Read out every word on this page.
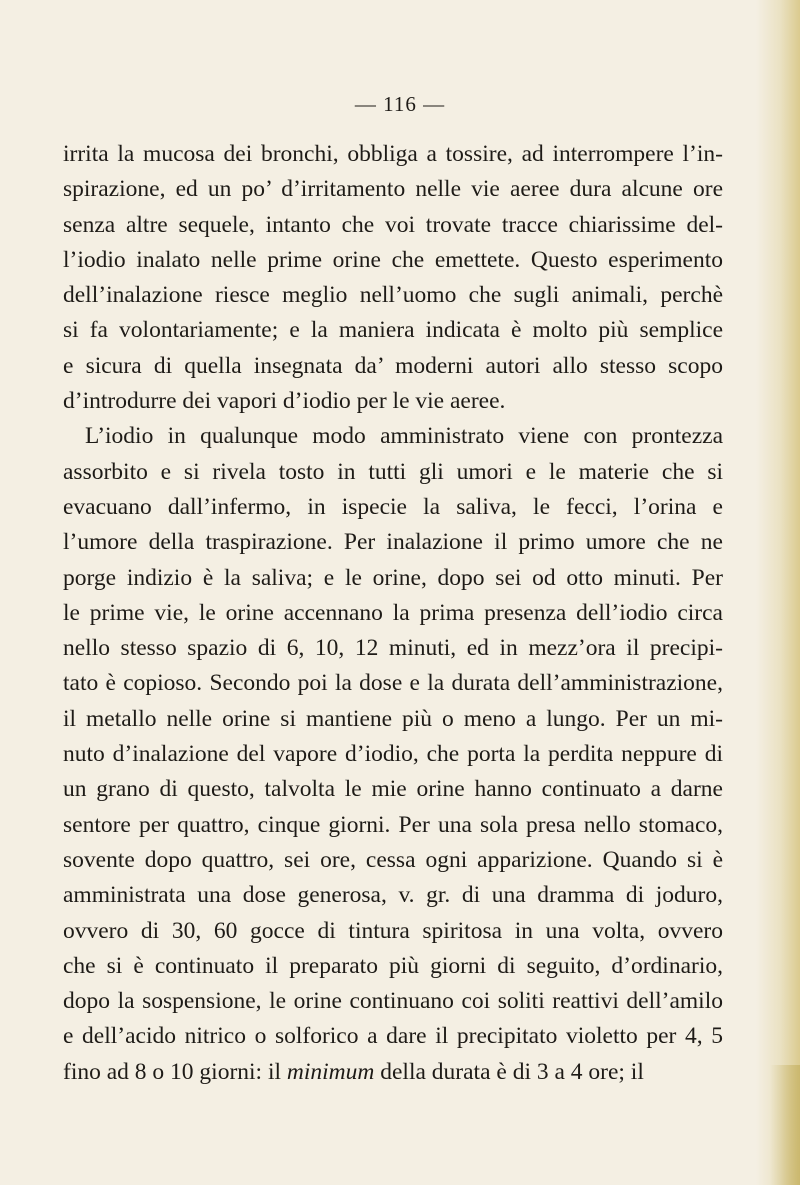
— 116 —
irrita la mucosa dei bronchi, obbliga a tossire, ad interrompere l’in-
spirazione, ed un po’ d’irritamento nelle vie aeree dura alcune ore
senza altre sequele, intanto che voi trovate tracce chiarissime del-
l’iodio inalato nelle prime orine che emettete. Questo esperimento
dell’inalazione riesce meglio nell’uomo che sugli animali, perchè
si fa volontariamente; e la maniera indicata è molto più semplice
e sicura di quella insegnata da’ moderni autori allo stesso scopo
d’introdurre dei vapori d’iodio per le vie aeree.
L’iodio in qualunque modo amministrato viene con prontezza
assorbito e si rivela tosto in tutti gli umori e le materie che si
evacuano dall’infermo, in ispecie la saliva, le fecci, l’orina e
l’umore della traspirazione. Per inalazione il primo umore che ne
porge indizio è la saliva; e le orine, dopo sei od otto minuti. Per
le prime vie, le orine accennano la prima presenza dell’iodio circa
nello stesso spazio di 6, 10, 12 minuti, ed in mezz’ora il precipi-
tato è copioso. Secondo poi la dose e la durata dell’amministrazione,
il metallo nelle orine si mantiene più o meno a lungo. Per un mi-
nuto d’inalazione del vapore d’iodio, che porta la perdita neppure di
un grano di questo, talvolta le mie orine hanno continuato a darne
sentore per quattro, cinque giorni. Per una sola presa nello stomaco,
sovente dopo quattro, sei ore, cessa ogni apparizione. Quando si è
amministrata una dose generosa, v. gr. di una dramma di joduro,
ovvero di 30, 60 gocce di tintura spiritosa in una volta, ovvero
che si è continuato il preparato più giorni di seguito, d’ordinario,
dopo la sospensione, le orine continuano coi soliti reattivi dell’amilo
e dell’acido nitrico o solforico a dare il precipitato violetto per 4, 5
fino ad 8 o 10 giorni: il minimum della durata è di 3 a 4 ore; il
